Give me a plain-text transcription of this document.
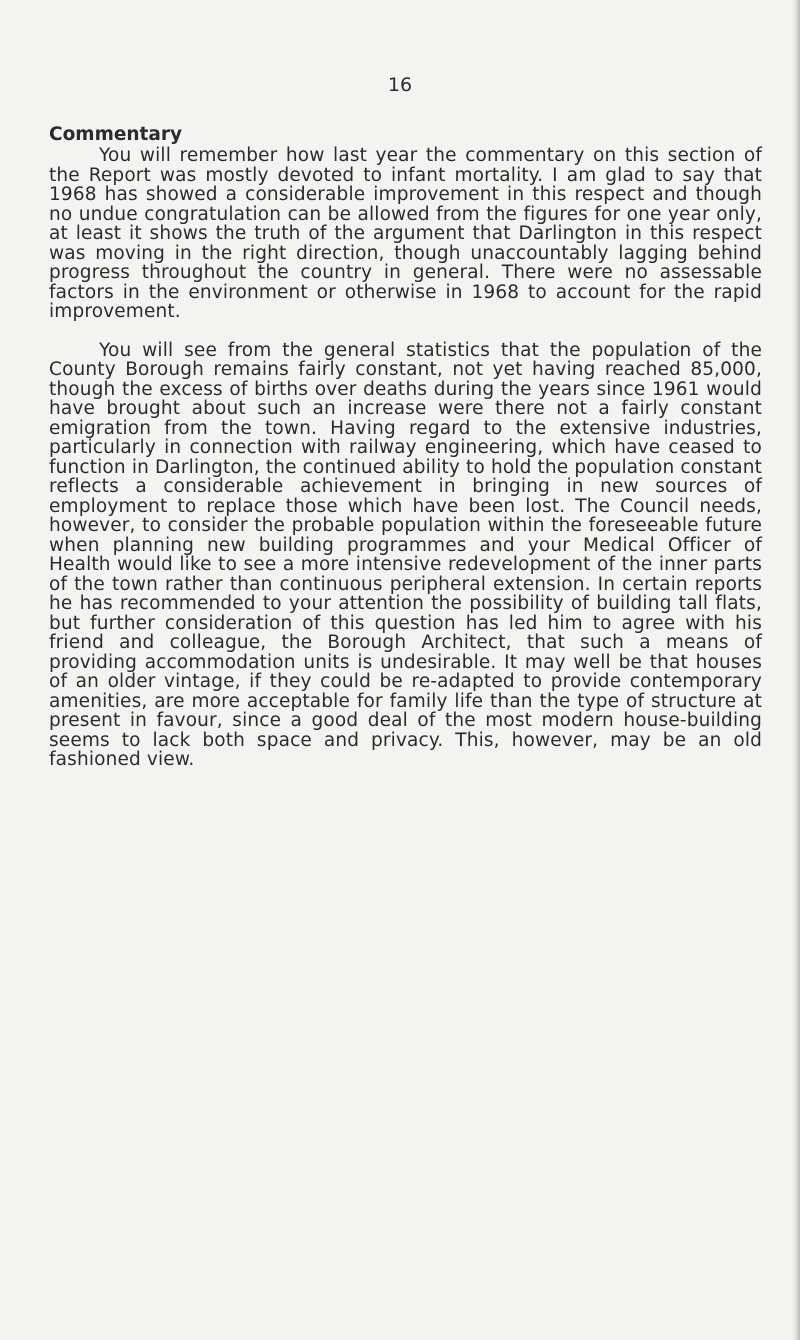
16
Commentary

You will remember how last year the commentary on this section of the Report was mostly devoted to infant mortality. I am glad to say that 1968 has showed a considerable improvement in this respect and though no undue congratulation can be allowed from the figures for one year only, at least it shows the truth of the argument that Darlington in this respect was moving in the right direction, though unaccountably lagging behind progress throughout the country in general. There were no assessable factors in the environment or otherwise in 1968 to account for the rapid improvement.

You will see from the general statistics that the population of the County Borough remains fairly constant, not yet having reached 85,000, though the excess of births over deaths during the years since 1961 would have brought about such an increase were there not a fairly constant emigration from the town. Having regard to the extensive industries, particularly in connection with railway engineering, which have ceased to function in Darlington, the continued ability to hold the population constant reflects a considerable achievement in bringing in new sources of employment to replace those which have been lost. The Council needs, however, to consider the probable population within the foreseeable future when planning new building programmes and your Medical Officer of Health would like to see a more intensive redevelopment of the inner parts of the town rather than continuous peripheral extension. In certain reports he has recommended to your attention the possibility of building tall flats, but further consideration of this question has led him to agree with his friend and colleague, the Borough Architect, that such a means of providing accommodation units is undesirable. It may well be that houses of an older vintage, if they could be re-adapted to provide contemporary amenities, are more acceptable for family life than the type of structure at present in favour, since a good deal of the most modern house-building seems to lack both space and privacy. This, however, may be an old fashioned view.
